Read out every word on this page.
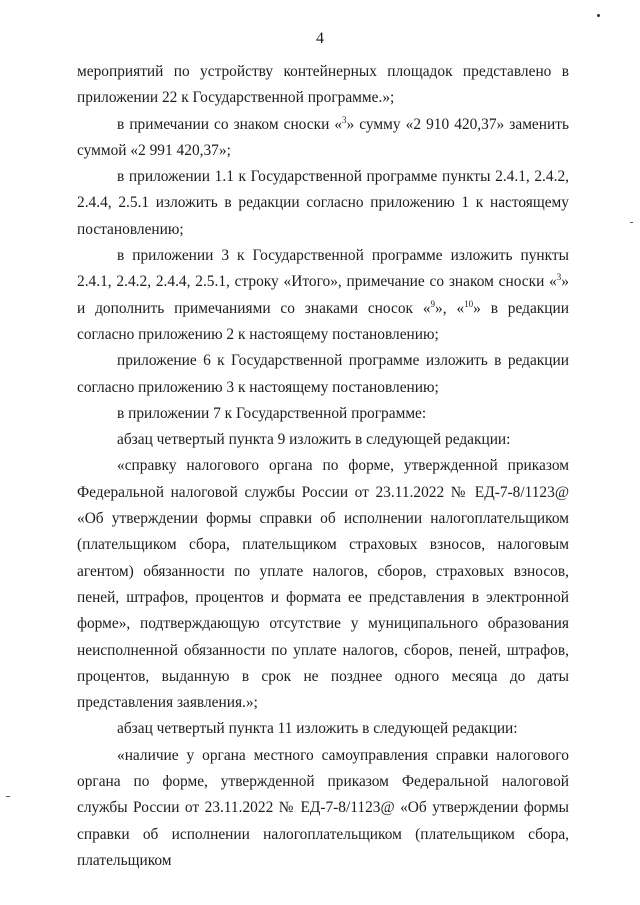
4

мероприятий по устройству контейнерных площадок представлено в приложении 22 к Государственной программе.»;

в примечании со знаком сноски «$^3$» сумму «2 910 420,37» заменить суммой «2 991 420,37»;

в приложении 1.1 к Государственной программе пункты 2.4.1, 2.4.2, 2.4.4, 2.5.1 изложить в редакции согласно приложению 1 к настоящему постановлению;

в приложении 3 к Государственной программе изложить пункты 2.4.1, 2.4.2, 2.4.4, 2.5.1, строку «Итого», примечание со знаком сноски «$^3$» и дополнить примечаниями со знаками сносок «$^9$», «$^{10}$» в редакции согласно приложению 2 к настоящему постановлению;

приложение 6 к Государственной программе изложить в редакции согласно приложению 3 к настоящему постановлению;

в приложении 7 к Государственной программе:

абзац четвертый пункта 9 изложить в следующей редакции:

«справку налогового органа по форме, утвержденной приказом Федеральной налоговой службы России от 23.11.2022 № ЕД-7-8/1123@ «Об утверждении формы справки об исполнении налогоплательщиком (плательщиком сбора, плательщиком страховых взносов, налоговым агентом) обязанности по уплате налогов, сборов, страховых взносов, пеней, штрафов, процентов и формата ее представления в электронной форме», подтверждающую отсутствие у муниципального образования неисполненной обязанности по уплате налогов, сборов, пеней, штрафов, процентов, выданную в срок не позднее одного месяца до даты представления заявления.»;

абзац четвертый пункта 11 изложить в следующей редакции:

«наличие у органа местного самоуправления справки налогового органа по форме, утвержденной приказом Федеральной налоговой службы России от 23.11.2022 № ЕД-7-8/1123@ «Об утверждении формы справки об исполнении налогоплательщиком (плательщиком сбора, плательщиком
